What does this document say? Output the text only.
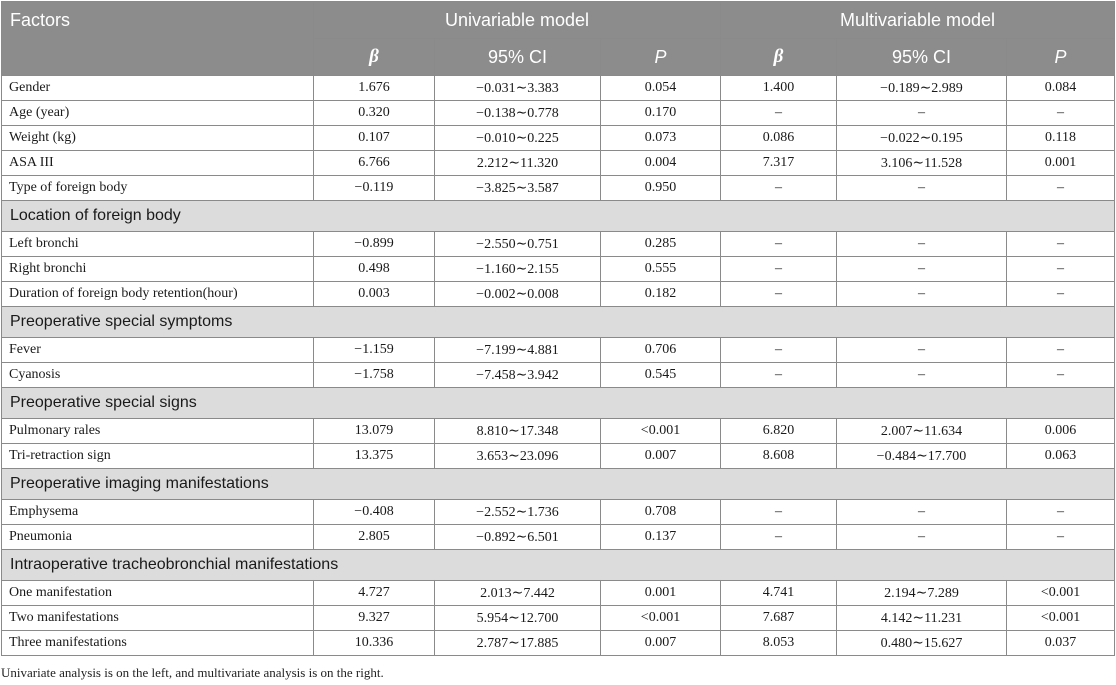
Factors	Univariable model			Multivariable model		
	β	95% CI	P	β	95% CI	P
Gender	1.676	−0.031∼3.383	0.054	1.400	−0.189∼2.989	0.084
Age (year)	0.320	−0.138∼0.778	0.170	–	–	–
Weight (kg)	0.107	−0.010∼0.225	0.073	0.086	−0.022∼0.195	0.118
ASA III	6.766	2.212∼11.320	0.004	7.317	3.106∼11.528	0.001
Type of foreign body	−0.119	−3.825∼3.587	0.950	–	–	–
Location of foreign body						
Left bronchi	−0.899	−2.550∼0.751	0.285	–	–	–
Right bronchi	0.498	−1.160∼2.155	0.555	–	–	–
Duration of foreign body retention(hour)	0.003	−0.002∼0.008	0.182	–	–	–
Preoperative special symptoms						
Fever	−1.159	−7.199∼4.881	0.706	–	–	–
Cyanosis	−1.758	−7.458∼3.942	0.545	–	–	–
Preoperative special signs						
Pulmonary rales	13.079	8.810∼17.348	<0.001	6.820	2.007∼11.634	0.006
Tri-retraction sign	13.375	3.653∼23.096	0.007	8.608	−0.484∼17.700	0.063
Preoperative imaging manifestations						
Emphysema	−0.408	−2.552∼1.736	0.708	–	–	–
Pneumonia	2.805	−0.892∼6.501	0.137	–	–	–
Intraoperative tracheobronchial manifestations						
One manifestation	4.727	2.013∼7.442	0.001	4.741	2.194∼7.289	<0.001
Two manifestations	9.327	5.954∼12.700	<0.001	7.687	4.142∼11.231	<0.001
Three manifestations	10.336	2.787∼17.885	0.007	8.053	0.480∼15.627	0.037

Univariate analysis is on the left, and multivariate analysis is on the right.
